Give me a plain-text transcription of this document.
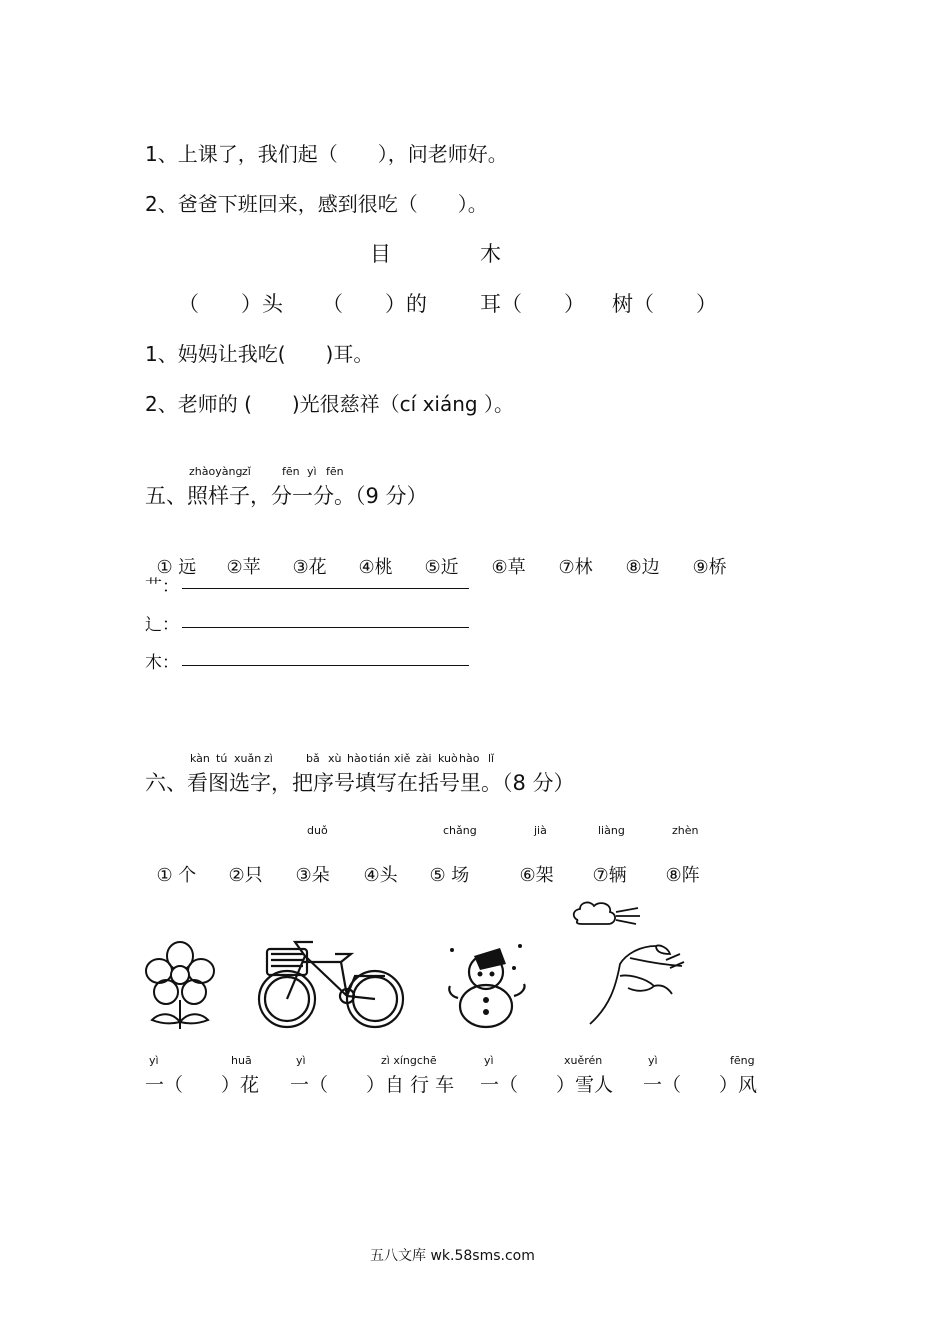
1、上课了，我们起（　　），问老师好。
2、爸爸下班回来，感到很吃（　　）。
目	木
（　　）头 （　　）的	耳（　　） 树（　　）
1、妈妈让我吃(　　)耳。
2、老师的 (　　)光很慈祥（cí xiáng ）。
zhàoyàng zǐ	fēn yì fēn
五、照样子，分一分。（9 分）

① 远 ②苹 ③花 ④桃 ⑤近 ⑥草 ⑦林 ⑧边 ⑨桥

艹：
辶：
木：
kàn tú xuǎn zì	bǎ xù hào tián xiě zài kuò hào lǐ
六、看图选字，把序号填写在括号里。（8 分）
duǒ	chǎng	jià	liàng	zhèn

① 个 ②只 ③朵 ④头 ⑤ 场	⑥架 ⑦辆 ⑧阵

yì	huā	yì	zì xíngchē	yì	xuěrén	yì	fēng
一（　　）花 一（　　）自 行 车 一（　　）雪人 一（　　）风
五八文库 wk.58sms.com
